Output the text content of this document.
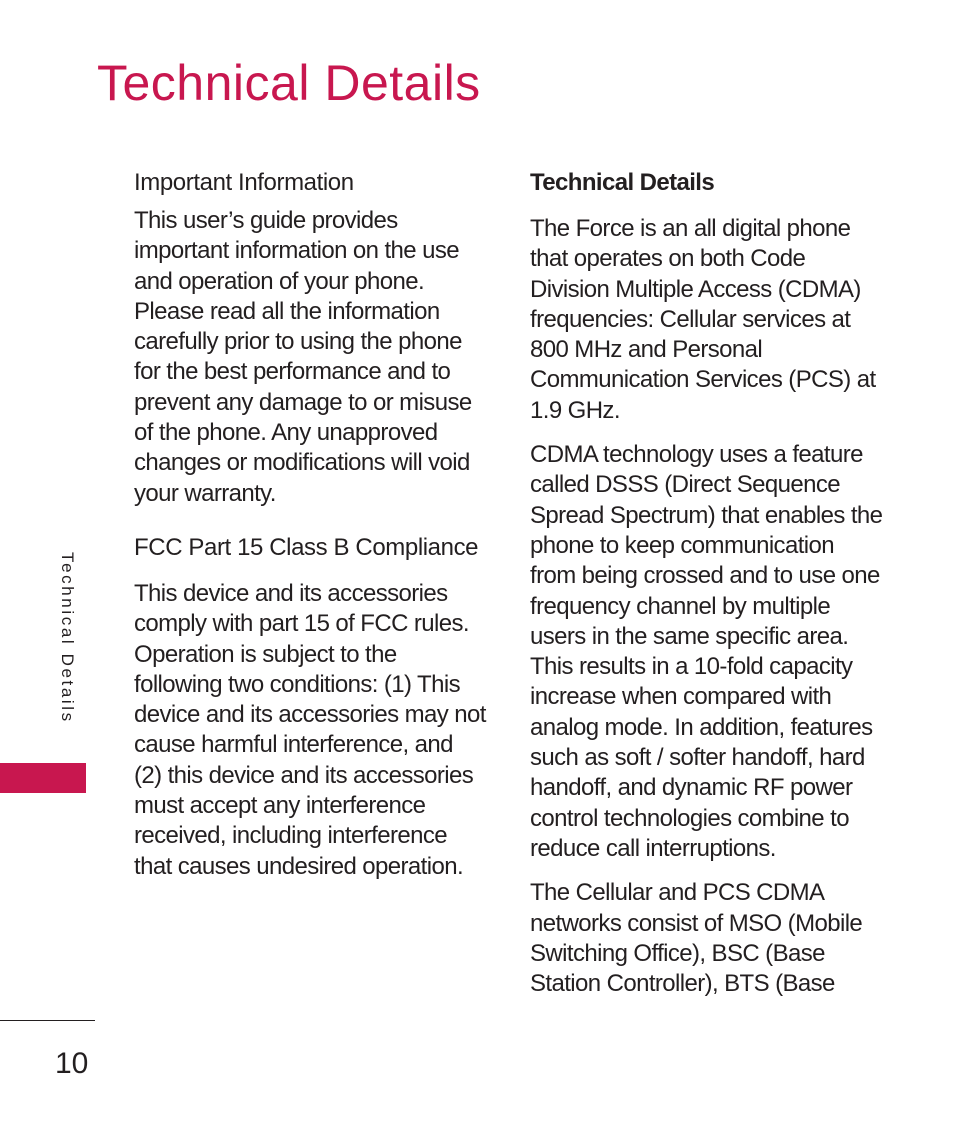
Technical Details
Important Information

This user’s guide provides important information on the use and operation of your phone. Please read all the information carefully prior to using the phone for the best performance and to prevent any damage to or misuse of the phone. Any unapproved changes or modifications will void your warranty.

FCC Part 15 Class B Compliance

This device and its accessories comply with part 15 of FCC rules. Operation is subject to the following two conditions: (1) This device and its accessories may not cause harmful interference, and (2) this device and its accessories must accept any interference received, including interference that causes undesired operation.

Technical Details

The Force is an all digital phone that operates on both Code Division Multiple Access (CDMA) frequencies: Cellular services at 800 MHz and Personal Communication Services (PCS) at 1.9 GHz.

CDMA technology uses a feature called DSSS (Direct Sequence Spread Spectrum) that enables the phone to keep communication from being crossed and to use one frequency channel by multiple users in the same specific area. This results in a 10-fold capacity increase when compared with analog mode. In addition, features such as soft / softer handoff, hard handoff, and dynamic RF power control technologies combine to reduce call interruptions.

The Cellular and PCS CDMA networks consist of MSO (Mobile Switching Office), BSC (Base Station Controller), BTS (Base

Technical Details
10
